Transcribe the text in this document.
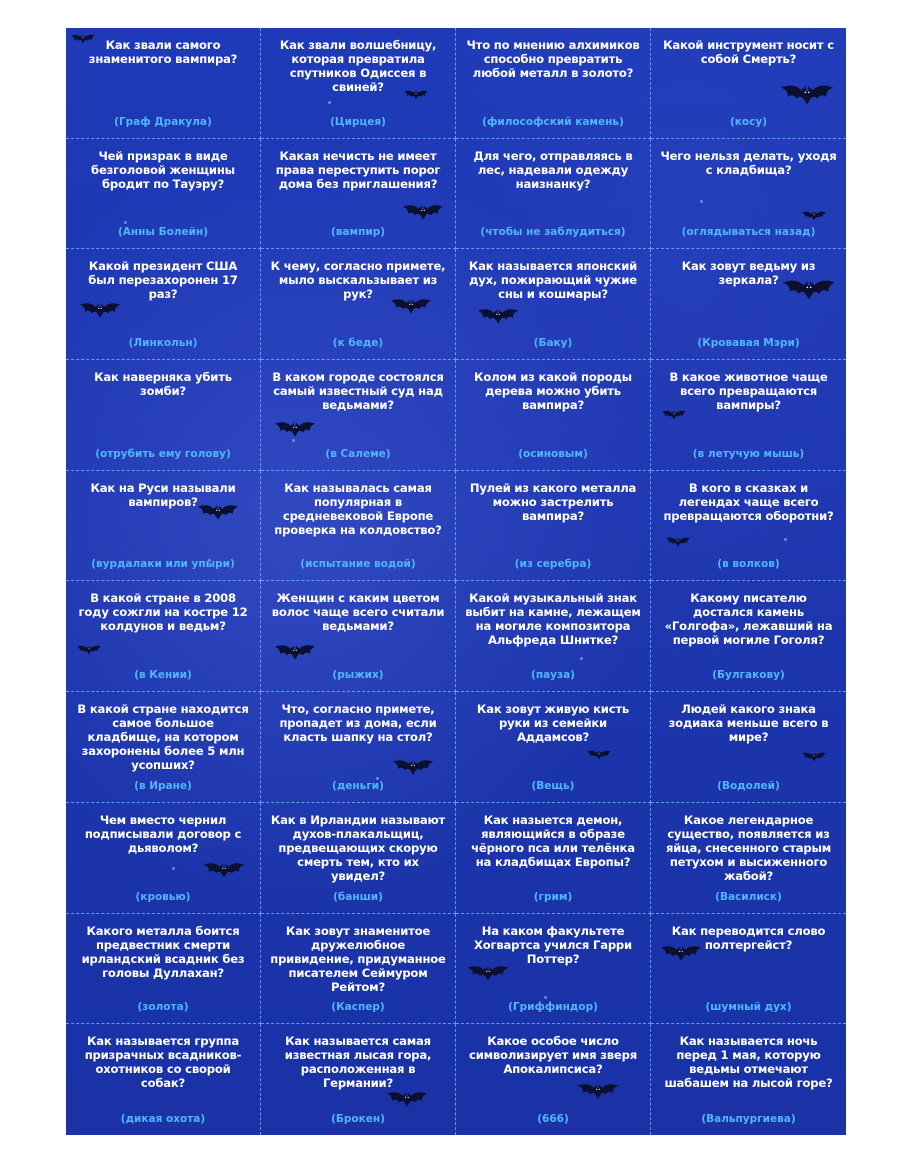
Как звали самого знаменитого вампира?
(Граф Дракула)
Как звали волшебницу, которая превратила спутников Одиссея в свиней?
(Цирцея)
Что по мнению алхимиков способно превратить любой металл в золото?
(философский камень)
Какой инструмент носит с собой Смерть?
(косу)
Чей призрак в виде безголовой женщины бродит по Тауэру?
(Анны Болейн)
Какая нечисть не имеет права переступить порог дома без приглашения?
(вампир)
Для чего, отправляясь в лес, надевали одежду наизнанку?
(чтобы не заблудиться)
Чего нельзя делать, уходя с кладбища?
(оглядываться назад)
Какой президент США был перезахоронен 17 раз?
(Линкольн)
К чему, согласно примете, мыло выскальзывает из рук?
(к беде)
Как называется японский дух, пожирающий чужие сны и кошмары?
(Баку)
Как зовут ведьму из зеркала?
(Кровавая Мэри)
Как наверняка убить зомби?
(отрубить ему голову)
В каком городе состоялся самый известный суд над ведьмами?
(в Салеме)
Колом из какой породы дерева можно убить вампира?
(осиновым)
В какое животное чаще всего превращаются вампиры?
(в летучую мышь)
Как на Руси называли вампиров?
(вурдалаки или упыри)
Как называлась самая популярная в средневековой Европе проверка на колдовство?
(испытание водой)
Пулей из какого металла можно застрелить вампира?
(из серебра)
В кого в сказках и легендах чаще всего превращаются оборотни?
(в волков)
В какой стране в 2008 году сожгли на костре 12 колдунов и ведьм?
(в Кении)
Женщин с каким цветом волос чаще всего считали ведьмами?
(рыжих)
Какой музыкальный знак выбит на камне, лежащем на могиле композитора Альфреда Шнитке?
(пауза)
Какому писателю достался камень «Голгофа», лежавший на первой могиле Гоголя?
(Булгакову)
В какой стране находится самое большое кладбище, на котором захоронены более 5 млн усопших?
(в Иране)
Что, согласно примете, пропадет из дома, если класть шапку на стол?
(деньги)
Как зовут живую кисть руки из семейки Аддамсов?
(Вещь)
Людей какого знака зодиака меньше всего в мире?
(Водолей)
Чем вместо чернил подписывали договор с дьяволом?
(кровью)
Как в Ирландии называют духов-плакальщиц, предвещающих скорую смерть тем, кто их увидел?
(банши)
Как назыется демон, являющийся в образе чёрного пса или телёнка на кладбищах Европы?
(грим)
Какое легендарное существо, появляется из яйца, снесенного старым петухом и высиженного жабой?
(Василиск)
Какого металла боится предвестник смерти ирландский всадник без головы Дуллахан?
(золота)
Как зовут знаменитое дружелюбное привидение, придуманное писателем Сеймуром Рейтом?
(Каспер)
На каком факультете Хогвартса учился Гарри Поттер?
(Гриффиндор)
Как переводится слово полтергейст?
(шумный дух)
Как называется группа призрачных всадников-охотников со сворой собак?
(дикая охота)
Как называется самая известная лысая гора, расположенная в Германии?
(Брокен)
Какое особое число символизирует имя зверя Апокалипсиса?
(666)
Как называется ночь перед 1 мая, которую ведьмы отмечают шабашем на лысой горе?
(Вальпургиева)
